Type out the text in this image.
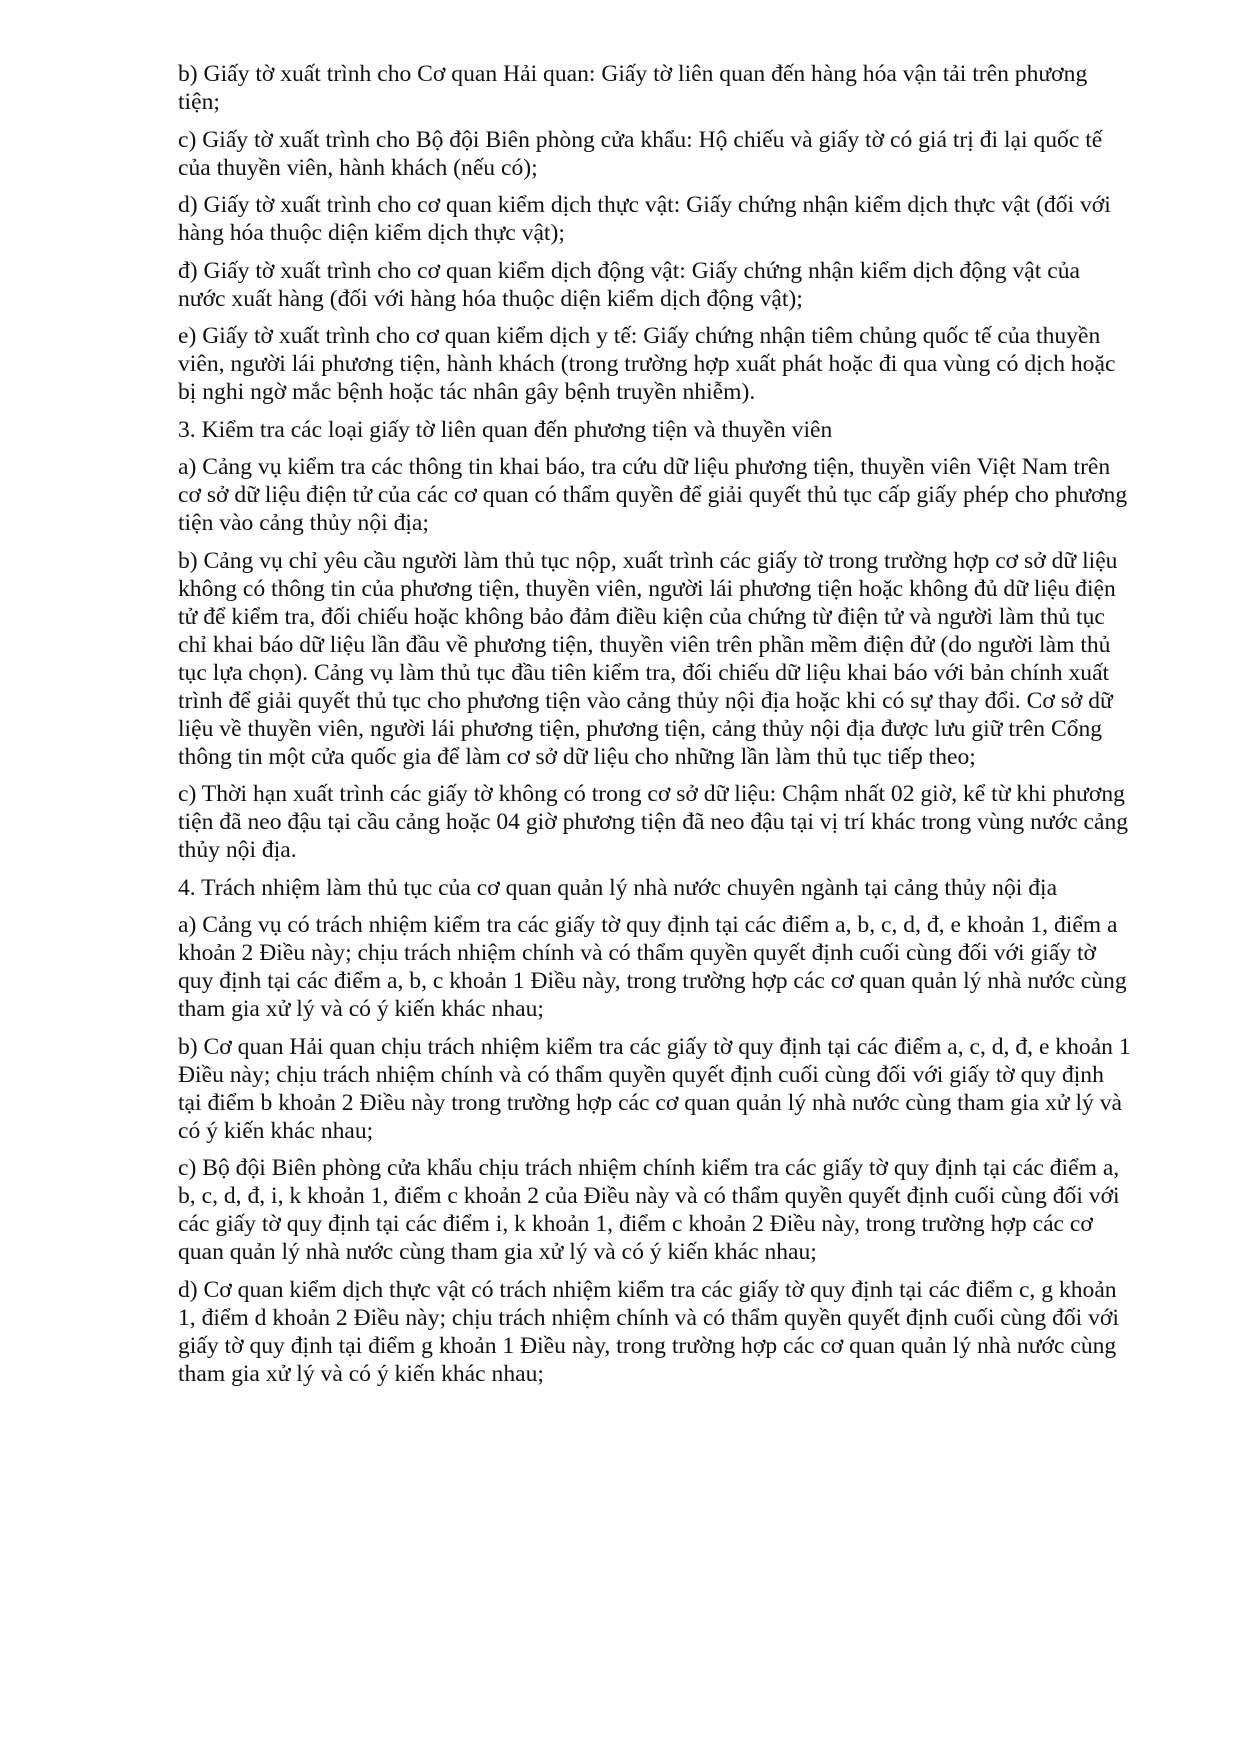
b) Giấy tờ xuất trình cho Cơ quan Hải quan: Giấy tờ liên quan đến hàng hóa vận tải trên phương tiện;

c) Giấy tờ xuất trình cho Bộ đội Biên phòng cửa khẩu: Hộ chiếu và giấy tờ có giá trị đi lại quốc tế của thuyền viên, hành khách (nếu có);

d) Giấy tờ xuất trình cho cơ quan kiểm dịch thực vật: Giấy chứng nhận kiểm dịch thực vật (đối với hàng hóa thuộc diện kiểm dịch thực vật);

đ) Giấy tờ xuất trình cho cơ quan kiểm dịch động vật: Giấy chứng nhận kiểm dịch động vật của nước xuất hàng (đối với hàng hóa thuộc diện kiểm dịch động vật);

e) Giấy tờ xuất trình cho cơ quan kiểm dịch y tế: Giấy chứng nhận tiêm chủng quốc tế của thuyền viên, người lái phương tiện, hành khách (trong trường hợp xuất phát hoặc đi qua vùng có dịch hoặc bị nghi ngờ mắc bệnh hoặc tác nhân gây bệnh truyền nhiễm).

3. Kiểm tra các loại giấy tờ liên quan đến phương tiện và thuyền viên

a) Cảng vụ kiểm tra các thông tin khai báo, tra cứu dữ liệu phương tiện, thuyền viên Việt Nam trên cơ sở dữ liệu điện tử của các cơ quan có thẩm quyền để giải quyết thủ tục cấp giấy phép cho phương tiện vào cảng thủy nội địa;

b) Cảng vụ chỉ yêu cầu người làm thủ tục nộp, xuất trình các giấy tờ trong trường hợp cơ sở dữ liệu không có thông tin của phương tiện, thuyền viên, người lái phương tiện hoặc không đủ dữ liệu điện tử để kiểm tra, đối chiếu hoặc không bảo đảm điều kiện của chứng từ điện tử và người làm thủ tục chỉ khai báo dữ liệu lần đầu về phương tiện, thuyền viên trên phần mềm điện đử (do người làm thủ tục lựa chọn). Cảng vụ làm thủ tục đầu tiên kiểm tra, đối chiếu dữ liệu khai báo với bản chính xuất trình để giải quyết thủ tục cho phương tiện vào cảng thủy nội địa hoặc khi có sự thay đổi. Cơ sở dữ liệu về thuyền viên, người lái phương tiện, phương tiện, cảng thủy nội địa được lưu giữ trên Cổng thông tin một cửa quốc gia để làm cơ sở dữ liệu cho những lần làm thủ tục tiếp theo;

c) Thời hạn xuất trình các giấy tờ không có trong cơ sở dữ liệu: Chậm nhất 02 giờ, kể từ khi phương tiện đã neo đậu tại cầu cảng hoặc 04 giờ phương tiện đã neo đậu tại vị trí khác trong vùng nước cảng thủy nội địa.

4. Trách nhiệm làm thủ tục của cơ quan quản lý nhà nước chuyên ngành tại cảng thủy nội địa

a) Cảng vụ có trách nhiệm kiểm tra các giấy tờ quy định tại các điểm a, b, c, d, đ, e khoản 1, điểm a khoản 2 Điều này; chịu trách nhiệm chính và có thẩm quyền quyết định cuối cùng đối với giấy tờ quy định tại các điểm a, b, c khoản 1 Điều này, trong trường hợp các cơ quan quản lý nhà nước cùng tham gia xử lý và có ý kiến khác nhau;

b) Cơ quan Hải quan chịu trách nhiệm kiểm tra các giấy tờ quy định tại các điểm a, c, d, đ, e khoản 1 Điều này; chịu trách nhiệm chính và có thẩm quyền quyết định cuối cùng đối với giấy tờ quy định tại điểm b khoản 2 Điều này trong trường hợp các cơ quan quản lý nhà nước cùng tham gia xử lý và có ý kiến khác nhau;

c) Bộ đội Biên phòng cửa khẩu chịu trách nhiệm chính kiểm tra các giấy tờ quy định tại các điểm a, b, c, d, đ, i, k khoản 1, điểm c khoản 2 của Điều này và có thẩm quyền quyết định cuối cùng đối với các giấy tờ quy định tại các điểm i, k khoản 1, điểm c khoản 2 Điều này, trong trường hợp các cơ quan quản lý nhà nước cùng tham gia xử lý và có ý kiến khác nhau;

d) Cơ quan kiểm dịch thực vật có trách nhiệm kiểm tra các giấy tờ quy định tại các điểm c, g khoản 1, điểm d khoản 2 Điều này; chịu trách nhiệm chính và có thẩm quyền quyết định cuối cùng đối với giấy tờ quy định tại điểm g khoản 1 Điều này, trong trường hợp các cơ quan quản lý nhà nước cùng tham gia xử lý và có ý kiến khác nhau;
